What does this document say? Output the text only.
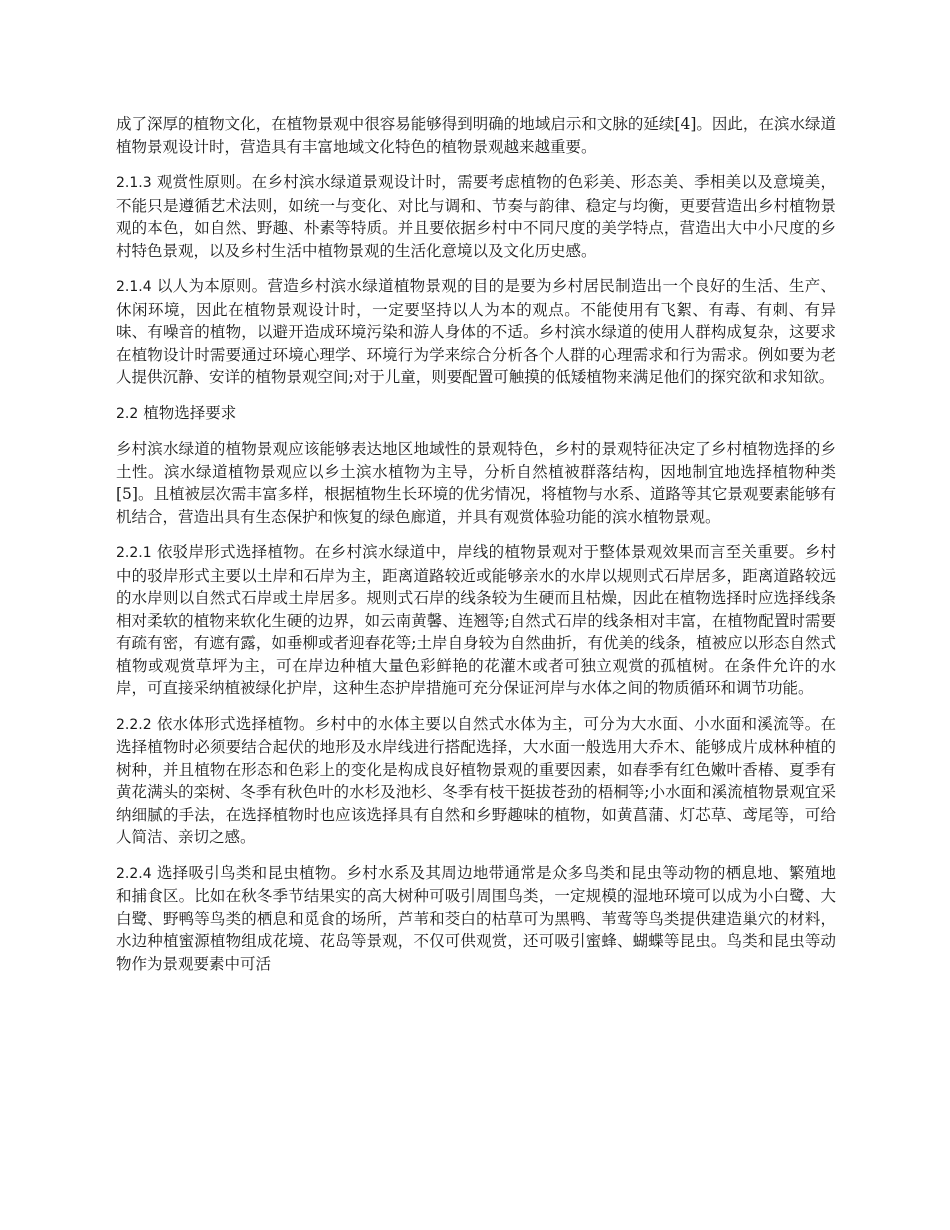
成了深厚的植物文化，在植物景观中很容易能够得到明确的地域启示和文脉的延续[4]。因此，在滨水绿道植物景观设计时，营造具有丰富地域文化特色的植物景观越来越重要。

2.1.3 观赏性原则。在乡村滨水绿道景观设计时，需要考虑植物的色彩美、形态美、季相美以及意境美，不能只是遵循艺术法则，如统一与变化、对比与调和、节奏与韵律、稳定与均衡，更要营造出乡村植物景观的本色，如自然、野趣、朴素等特质。并且要依据乡村中不同尺度的美学特点，营造出大中小尺度的乡村特色景观，以及乡村生活中植物景观的生活化意境以及文化历史感。

2.1.4 以人为本原则。营造乡村滨水绿道植物景观的目的是要为乡村居民制造出一个良好的生活、生产、休闲环境，因此在植物景观设计时，一定要坚持以人为本的观点。不能使用有飞絮、有毒、有刺、有异味、有噪音的植物，以避开造成环境污染和游人身体的不适。乡村滨水绿道的使用人群构成复杂，这要求在植物设计时需要通过环境心理学、环境行为学来综合分析各个人群的心理需求和行为需求。例如要为老人提供沉静、安详的植物景观空间;对于儿童，则要配置可触摸的低矮植物来满足他们的探究欲和求知欲。

2.2 植物选择要求

乡村滨水绿道的植物景观应该能够表达地区地域性的景观特色，乡村的景观特征决定了乡村植物选择的乡土性。滨水绿道植物景观应以乡土滨水植物为主导，分析自然植被群落结构，因地制宜地选择植物种类[5]。且植被层次需丰富多样，根据植物生长环境的优劣情况，将植物与水系、道路等其它景观要素能够有机结合，营造出具有生态保护和恢复的绿色廊道，并具有观赏体验功能的滨水植物景观。

2.2.1 依驳岸形式选择植物。在乡村滨水绿道中，岸线的植物景观对于整体景观效果而言至关重要。乡村中的驳岸形式主要以土岸和石岸为主，距离道路较近或能够亲水的水岸以规则式石岸居多，距离道路较远的水岸则以自然式石岸或土岸居多。规则式石岸的线条较为生硬而且枯燥，因此在植物选择时应选择线条相对柔软的植物来软化生硬的边界，如云南黄馨、连翘等;自然式石岸的线条相对丰富，在植物配置时需要有疏有密，有遮有露，如垂柳或者迎春花等;土岸自身较为自然曲折，有优美的线条，植被应以形态自然式植物或观赏草坪为主，可在岸边种植大量色彩鲜艳的花灌木或者可独立观赏的孤植树。在条件允许的水岸，可直接采纳植被绿化护岸，这种生态护岸措施可充分保证河岸与水体之间的物质循环和调节功能。

2.2.2 依水体形式选择植物。乡村中的水体主要以自然式水体为主，可分为大水面、小水面和溪流等。在选择植物时必须要结合起伏的地形及水岸线进行搭配选择，大水面一般选用大乔木、能够成片成林种植的树种，并且植物在形态和色彩上的变化是构成良好植物景观的重要因素，如春季有红色嫩叶香椿、夏季有黄花满头的栾树、冬季有秋色叶的水杉及池杉、冬季有枝干挺拔苍劲的梧桐等;小水面和溪流植物景观宜采纳细腻的手法，在选择植物时也应该选择具有自然和乡野趣味的植物，如黄菖蒲、灯芯草、鸢尾等，可给人简洁、亲切之感。

2.2.4 选择吸引鸟类和昆虫植物。乡村水系及其周边地带通常是众多鸟类和昆虫等动物的栖息地、繁殖地和捕食区。比如在秋冬季节结果实的高大树种可吸引周围鸟类，一定规模的湿地环境可以成为小白鹭、大白鹭、野鸭等鸟类的栖息和觅食的场所，芦苇和茭白的枯草可为黑鸭、苇莺等鸟类提供建造巢穴的材料，水边种植蜜源植物组成花境、花岛等景观，不仅可供观赏，还可吸引蜜蜂、蝴蝶等昆虫。鸟类和昆虫等动物作为景观要素中可活
